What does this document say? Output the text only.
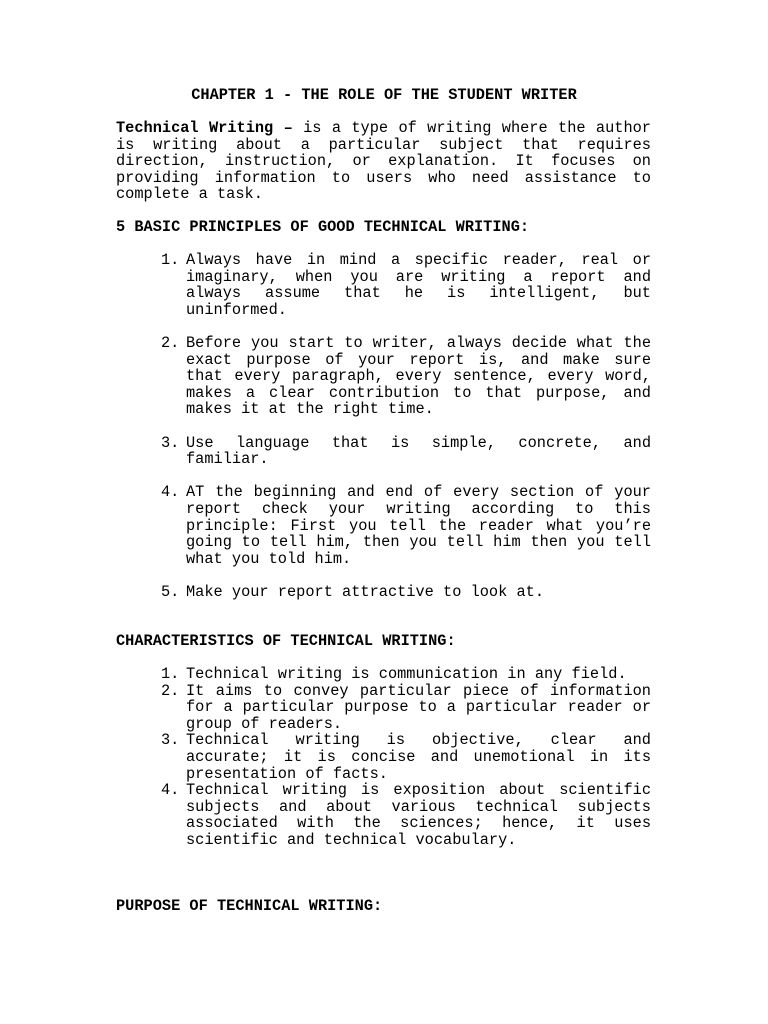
CHAPTER 1 - THE ROLE OF THE STUDENT WRITER
Technical Writing – is a type of writing where the author is writing about a particular subject that requires direction, instruction, or explanation. It focuses on providing information to users who need assistance to complete a task.
5 BASIC PRINCIPLES OF GOOD TECHNICAL WRITING:
1. Always have in mind a specific reader, real or imaginary, when you are writing a report and always assume that he is intelligent, but uninformed.
2. Before you start to writer, always decide what the exact purpose of your report is, and make sure that every paragraph, every sentence, every word, makes a clear contribution to that purpose, and makes it at the right time.
3. Use language that is simple, concrete, and familiar.
4. AT the beginning and end of every section of your report check your writing according to this principle: First you tell the reader what you’re going to tell him, then you tell him then you tell what you told him.
5. Make your report attractive to look at.
CHARACTERISTICS OF TECHNICAL WRITING:
1. Technical writing is communication in any field.
2. It aims to convey particular piece of information for a particular purpose to a particular reader or group of readers.
3. Technical writing is objective, clear and accurate; it is concise and unemotional in its presentation of facts.
4. Technical writing is exposition about scientific subjects and about various technical subjects associated with the sciences; hence, it uses scientific and technical vocabulary.
PURPOSE OF TECHNICAL WRITING:
